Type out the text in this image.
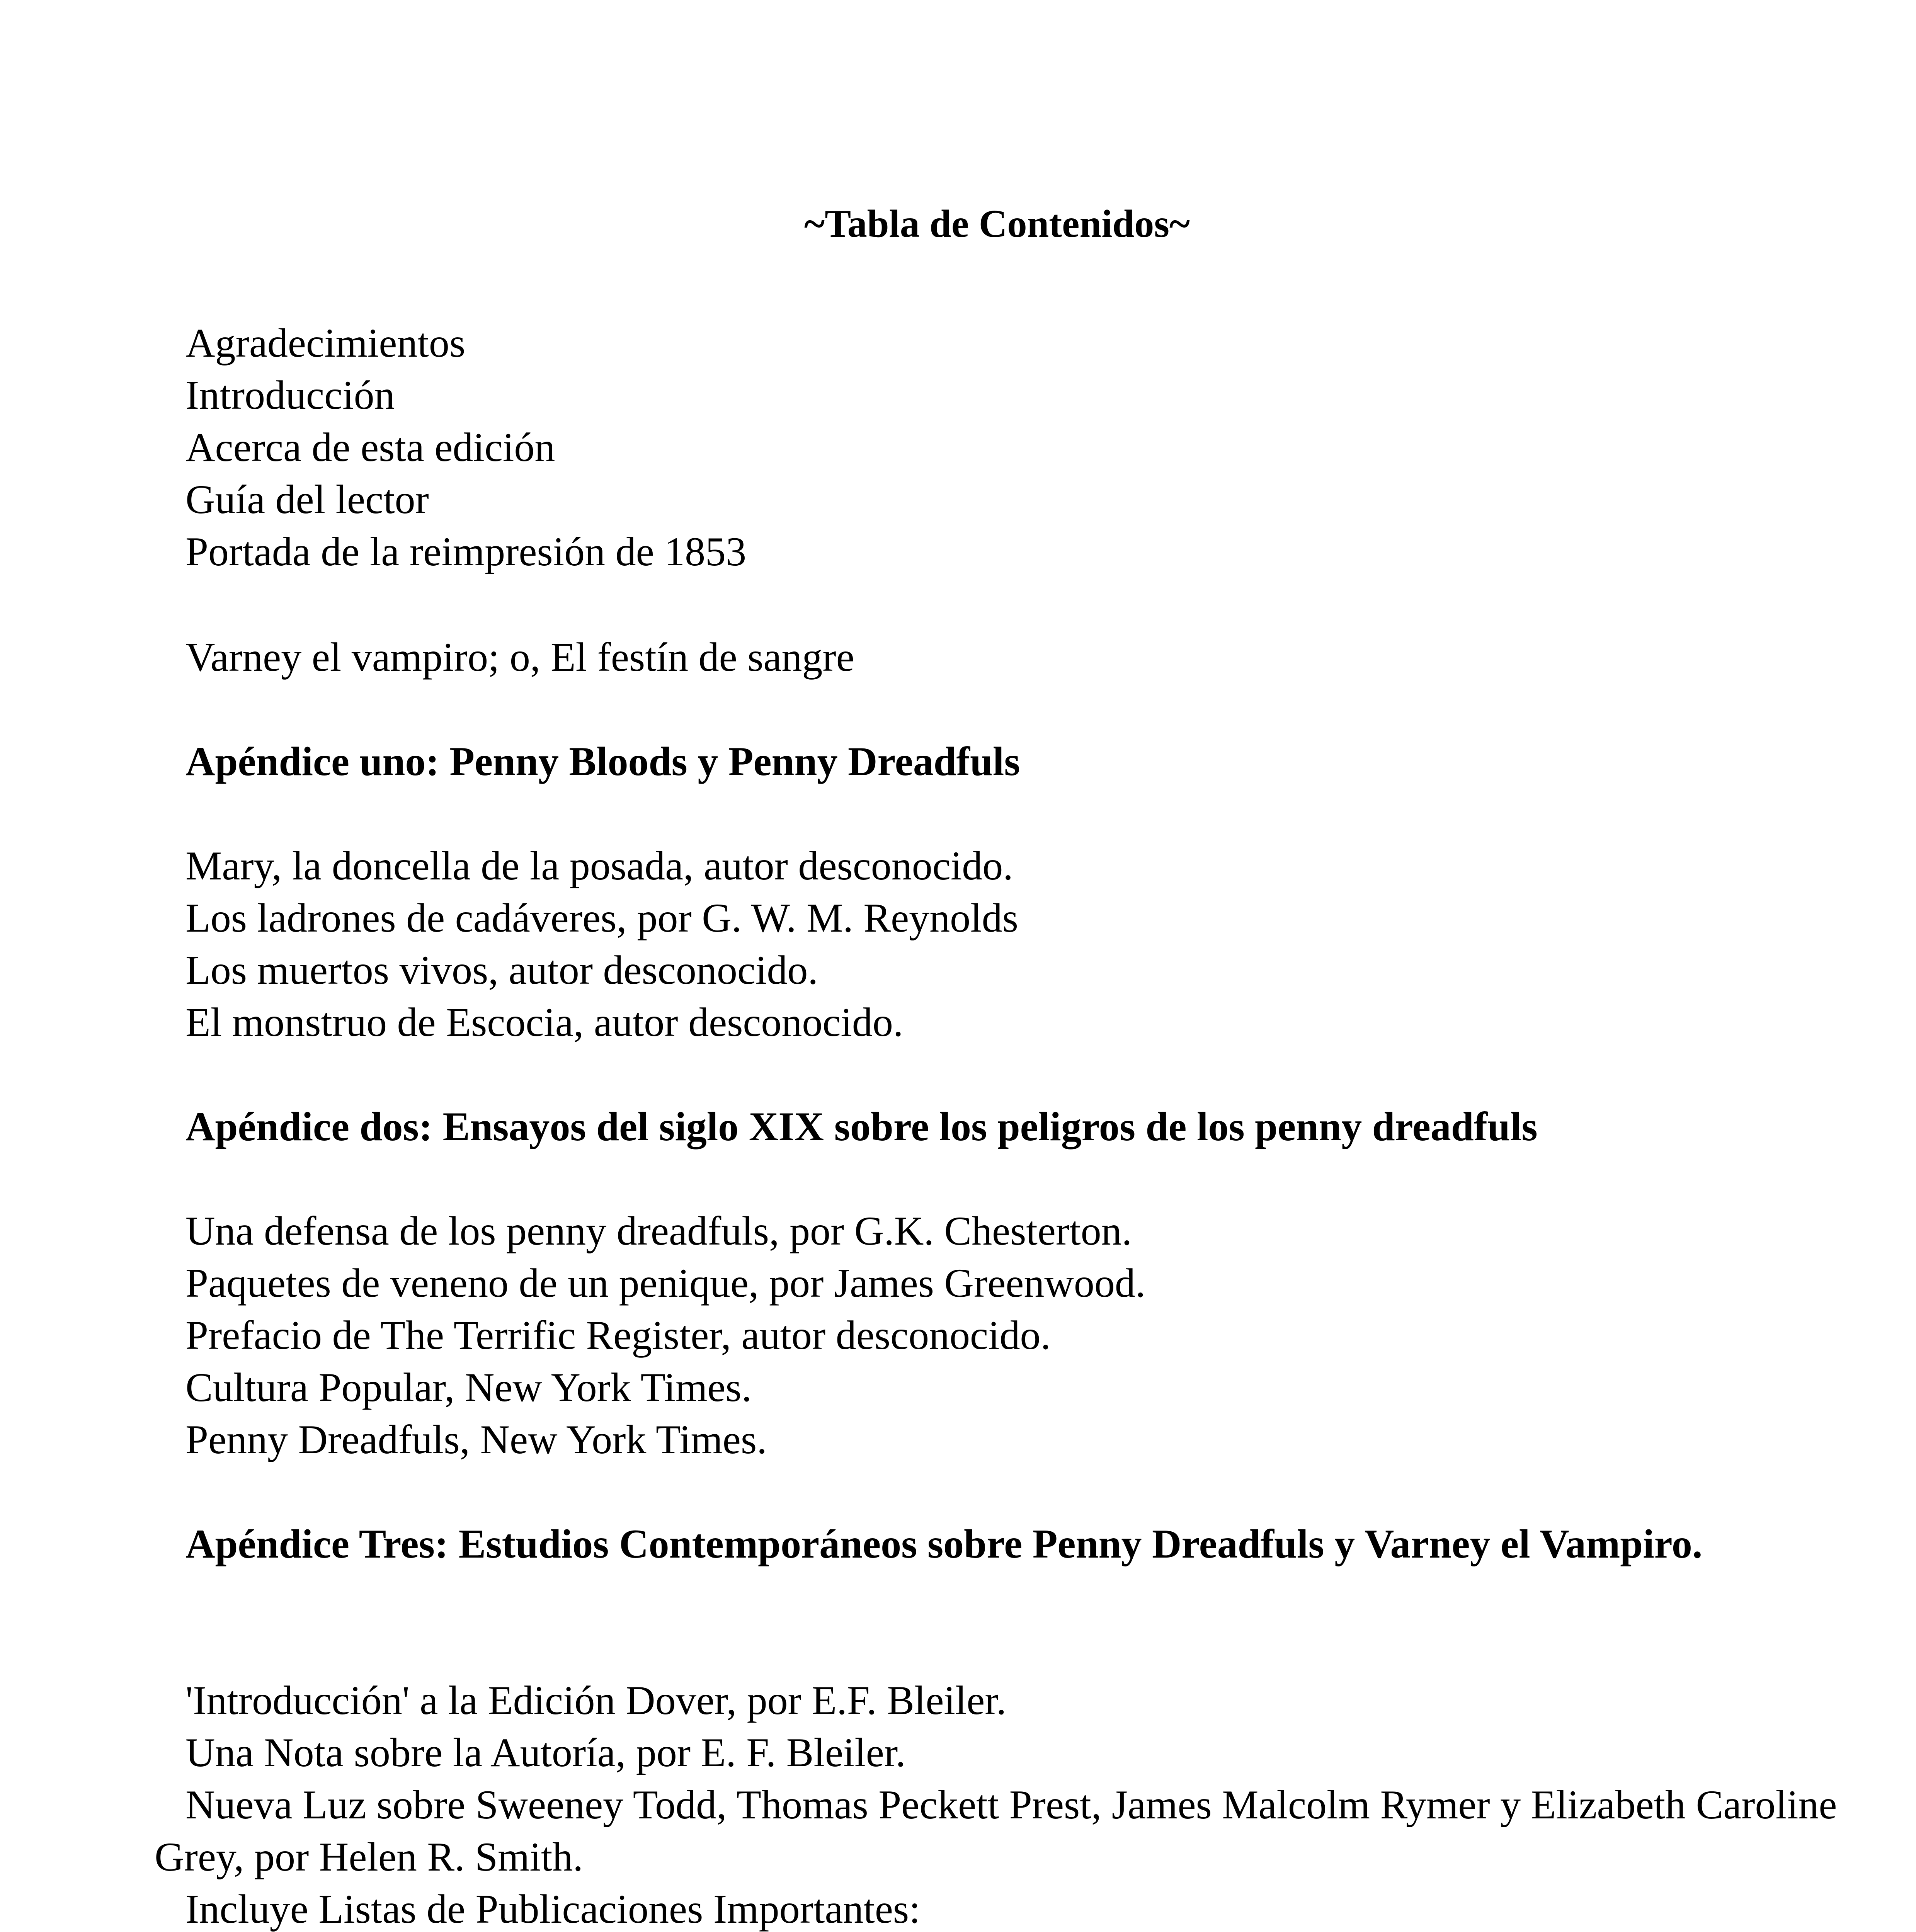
~Tabla de Contenidos~
Agradecimientos
Introducción
Acerca de esta edición
Guía del lector
Portada de la reimpresión de 1853
Varney el vampiro; o, El festín de sangre
Apéndice uno: Penny Bloods y Penny Dreadfuls
Mary, la doncella de la posada, autor desconocido.
Los ladrones de cadáveres, por G. W. M. Reynolds
Los muertos vivos, autor desconocido.
El monstruo de Escocia, autor desconocido.
Apéndice dos: Ensayos del siglo XIX sobre los peligros de los penny dreadfuls
Una defensa de los penny dreadfuls, por G.K. Chesterton.
Paquetes de veneno de un penique, por James Greenwood.
Prefacio de The Terrific Register, autor desconocido.
Cultura Popular, New York Times.
Penny Dreadfuls, New York Times.
Apéndice Tres: Estudios Contemporáneos sobre Penny Dreadfuls y Varney el Vampiro.
'Introducción' a la Edición Dover, por E.F. Bleiler.
Una Nota sobre la Autoría, por E. F. Bleiler.
Nueva Luz sobre Sweeney Todd, Thomas Peckett Prest, James Malcolm Rymer y Elizabeth Caroline Grey, por Helen R. Smith.
Incluye Listas de Publicaciones Importantes:
